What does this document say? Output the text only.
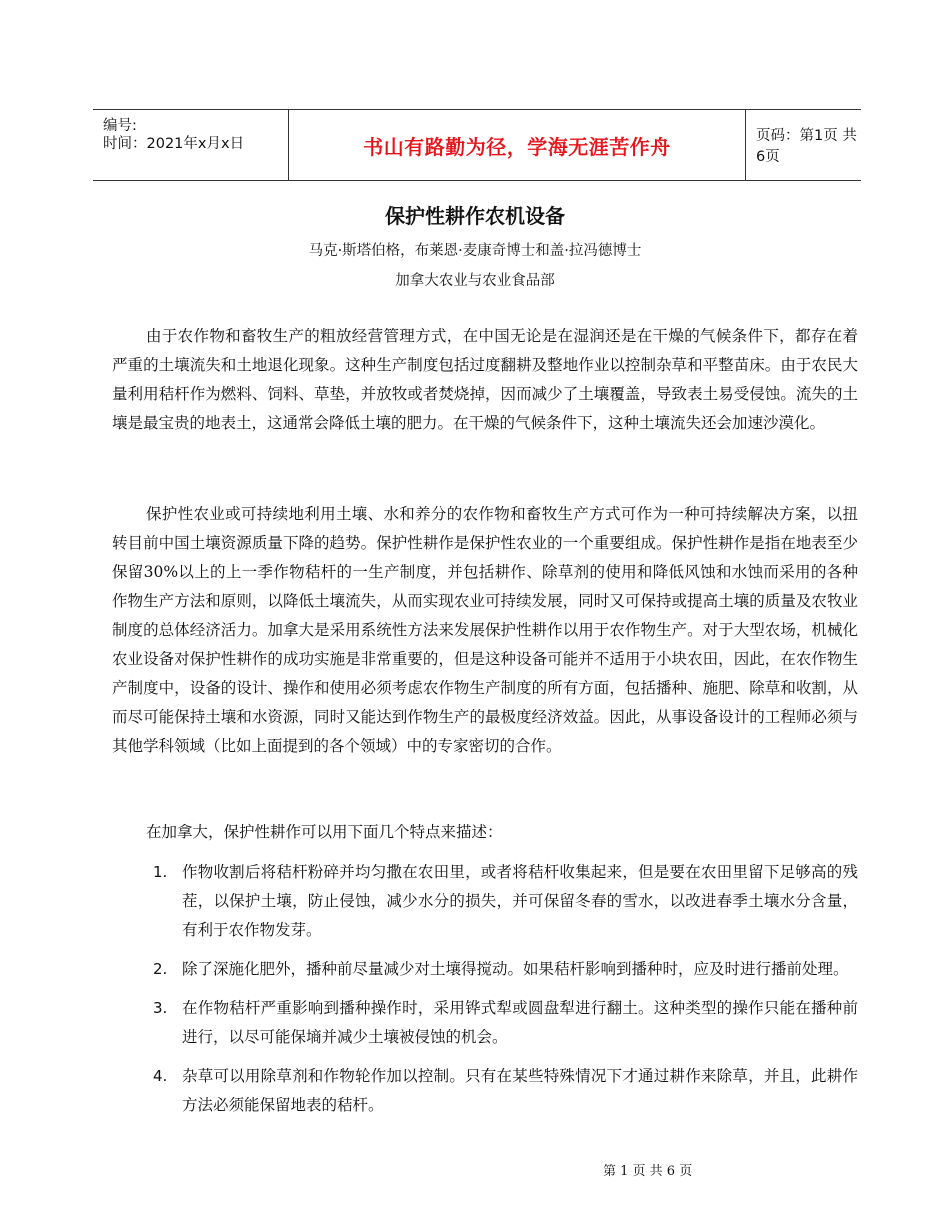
编号:
时间：2021年x月x日	书山有路勤为径，学海无涯苦作舟	页码：第1页 共6页
保护性耕作农机设备
马克·斯塔伯格，布莱恩·麦康奇博士和盖·拉冯德博士
加拿大农业与农业食品部

由于农作物和畜牧生产的粗放经营管理方式，在中国无论是在湿润还是在干燥的气候条件下，都存在着严重的土壤流失和土地退化现象。这种生产制度包括过度翻耕及整地作业以控制杂草和平整苗床。由于农民大量利用秸杆作为燃料、饲料、草垫，并放牧或者焚烧掉，因而减少了土壤覆盖，导致表土易受侵蚀。流失的土壤是最宝贵的地表土，这通常会降低土壤的肥力。在干燥的气候条件下，这种土壤流失还会加速沙漠化。

保护性农业或可持续地利用土壤、水和养分的农作物和畜牧生产方式可作为一种可持续解决方案，以扭转目前中国土壤资源质量下降的趋势。保护性耕作是保护性农业的一个重要组成。保护性耕作是指在地表至少保留30%以上的上一季作物秸杆的一生产制度，并包括耕作、除草剂的使用和降低风蚀和水蚀而采用的各种作物生产方法和原则，以降低土壤流失，从而实现农业可持续发展，同时又可保持或提高土壤的质量及农牧业制度的总体经济活力。加拿大是采用系统性方法来发展保护性耕作以用于农作物生产。对于大型农场，机械化农业设备对保护性耕作的成功实施是非常重要的，但是这种设备可能并不适用于小块农田，因此，在农作物生产制度中，设备的设计、操作和使用必须考虑农作物生产制度的所有方面，包括播种、施肥、除草和收割，从而尽可能保持土壤和水资源，同时又能达到作物生产的最极度经济效益。因此，从事设备设计的工程师必须与其他学科领域（比如上面提到的各个领域）中的专家密切的合作。

在加拿大，保护性耕作可以用下面几个特点来描述：

1. 作物收割后将秸杆粉碎并均匀撒在农田里，或者将秸杆收集起来，但是要在农田里留下足够高的残茬，以保护土壤，防止侵蚀，减少水分的损失，并可保留冬春的雪水，以改进春季土壤水分含量，有利于农作物发芽。
2. 除了深施化肥外，播种前尽量减少对土壤得搅动。如果秸杆影响到播种时，应及时进行播前处理。
3. 在作物秸杆严重影响到播种操作时，采用铧式犁或圆盘犁进行翻土。这种类型的操作只能在播种前进行，以尽可能保墒并减少土壤被侵蚀的机会。
4. 杂草可以用除草剂和作物轮作加以控制。只有在某些特殊情况下才通过耕作来除草，并且，此耕作方法必须能保留地表的秸杆。
第 1 页 共 6 页
